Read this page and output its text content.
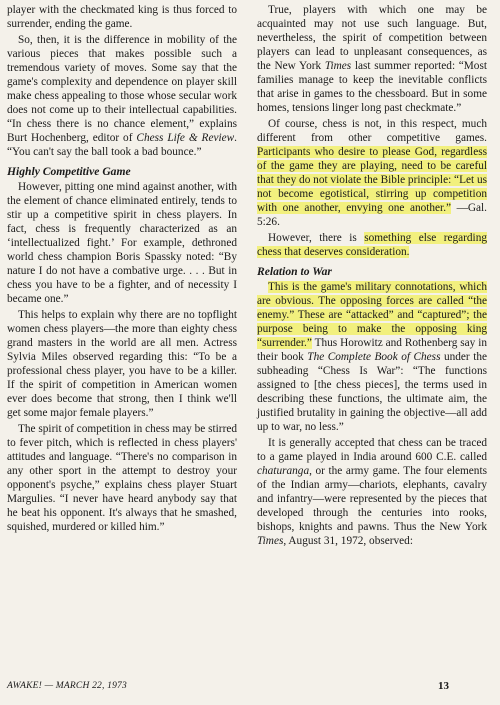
player with the checkmated king is thus forced to surrender, ending the game.

So, then, it is the difference in mobility of the various pieces that makes possible such a tremendous variety of moves. Some say that the game's complexity and dependence on player skill make chess appealing to those whose secular work does not come up to their intellectual capabilities. “In chess there is no chance element,” explains Burt Hochenberg, editor of Chess Life & Review. “You can't say the ball took a bad bounce.”

Highly Competitive Game

However, pitting one mind against another, with the element of chance eliminated entirely, tends to stir up a competitive spirit in chess players. In fact, chess is frequently characterized as an ‘intellectualized fight.’ For example, dethroned world chess champion Boris Spassky noted: “By nature I do not have a combative urge. . . . But in chess you have to be a fighter, and of necessity I became one.”

This helps to explain why there are no topflight women chess players—the more than eighty chess grand masters in the world are all men. Actress Sylvia Miles observed regarding this: “To be a professional chess player, you have to be a killer. If the spirit of competition in American women ever does become that strong, then I think we'll get some major female players.”

The spirit of competition in chess may be stirred to fever pitch, which is reflected in chess players' attitudes and language. “There's no comparison in any other sport in the attempt to destroy your opponent's psyche,” explains chess player Stuart Margulies. “I never have heard anybody say that he beat his opponent. It's always that he smashed, squished, murdered or killed him.”

True, players with which one may be acquainted may not use such language. But, nevertheless, the spirit of competition between players can lead to unpleasant consequences, as the New York Times last summer reported: “Most families manage to keep the inevitable conflicts that arise in games to the chessboard. But in some homes, tensions linger long past checkmate.”

Of course, chess is not, in this respect, much different from other competitive games. Participants who desire to please God, regardless of the game they are playing, need to be careful that they do not violate the Bible principle: “Let us not become egotistical, stirring up competition with one another, envying one another.” —Gal. 5:26.

However, there is something else regarding chess that deserves consideration.

Relation to War

This is the game's military connotations, which are obvious. The opposing forces are called “the enemy.” These are “attacked” and “captured”; the purpose being to make the opposing king “surrender.” Thus Horowitz and Rothenberg say in their book The Complete Book of Chess under the subheading “Chess Is War”: “The functions assigned to [the chess pieces], the terms used in describing these functions, the ultimate aim, the justified brutality in gaining the objective—all add up to war, no less.”

It is generally accepted that chess can be traced to a game played in India around 600 C.E. called chaturanga, or the army game. The four elements of the Indian army—chariots, elephants, cavalry and infantry—were represented by the pieces that developed through the centuries into rooks, bishops, knights and pawns. Thus the New York Times, August 31, 1972, observed:

AWAKE! — MARCH 22, 1973	13
